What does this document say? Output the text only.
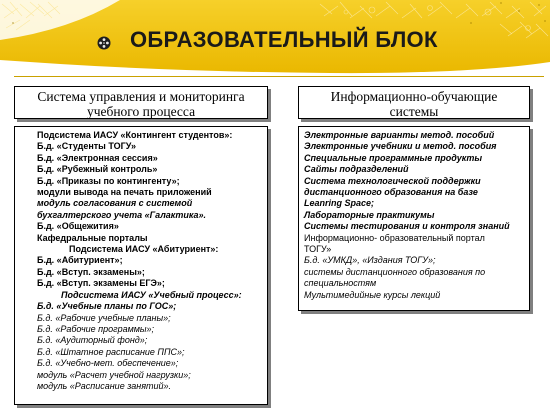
ОБРАЗОВАТЕЛЬНЫЙ БЛОК
Система управления и мониторинга
учебного процесса
Информационно-обучающие
системы
Подсистема ИАСУ «Контингент студентов»:
Б.д. «Студенты ТОГУ»
Б.д. «Электронная сессия»
Б.д. «Рубежный контроль»
Б.д. «Приказы по контингенту»;
модули вывода на печать приложений
модуль согласования с системой
бухгалтерского учета «Галактика».
Б.д. «Общежития»
Кафедральные порталы
Подсистема ИАСУ «Абитуриент»:
Б.д. «Абитуриент»;
Б.д. «Вступ. экзамены»;
Б.д. «Вступ. экзамены ЕГЭ»;
Подсистема ИАСУ «Учебный процесс»:
Б.д. «Учебные планы по ГОС»;
Б.д. «Рабочие учебные планы»;
Б.д. «Рабочие программы»;
Б.д. «Аудиторный фонд»;
Б.д. «Штатное расписание ППС»;
Б.д. «Учебно-мет. обеспечение»;
модуль «Расчет учебной нагрузки»;
модуль «Расписание занятий».
Электронные варианты метод. пособий
Электронные учебники и метод. пособия
Специальные программные продукты
Сайты подразделений
Система технологической поддержки
дистанционного образования на базе
Leanring Space;
Лабораторные практикумы
Системы тестирования и контроля знаний
Информационно- образовательный портал
ТОГУ»
Б.д. «УМКД», «Издания ТОГУ»;
системы дистанционного образования по
специальностям
Мультимедийные курсы лекций
